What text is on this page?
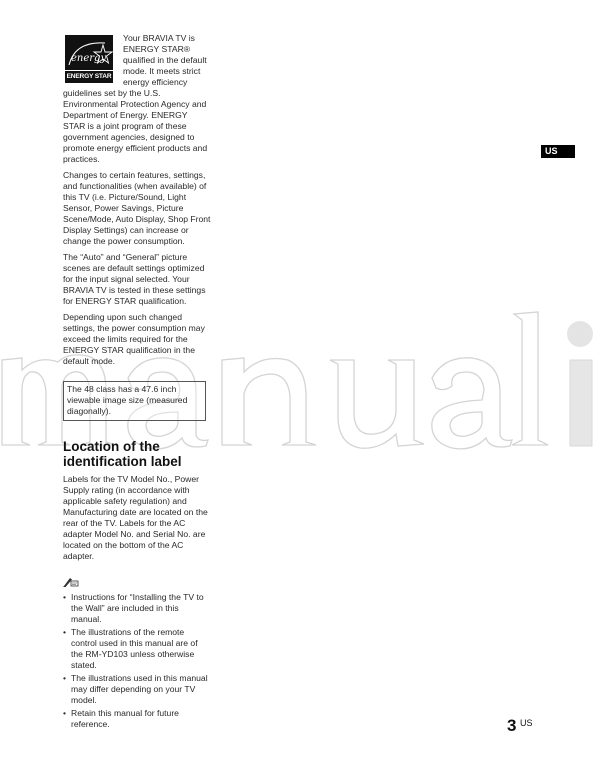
energy
ENERGY STAR

Your BRAVIA TV is ENERGY STAR® qualified in the default mode. It meets strict energy efficiency guidelines set by the U.S. Environmental Protection Agency and Department of Energy. ENERGY STAR is a joint program of these government agencies, designed to promote energy efficient products and practices.

Changes to certain features, settings, and functionalities (when available) of this TV (i.e. Picture/Sound, Light Sensor, Power Savings, Picture Scene/Mode, Auto Display, Shop Front Display Settings) can increase or change the power consumption.

The “Auto” and “General” picture scenes are default settings optimized for the input signal selected. Your BRAVIA TV is tested in these settings for ENERGY STAR qualification.

Depending upon such changed settings, the power consumption may exceed the limits required for the ENERGY STAR qualification in the default mode.

The 48 class has a 47.6 inch viewable image size (measured diagonally).
Location of the identification label

Labels for the TV Model No., Power Supply rating (in accordance with applicable safety regulation) and Manufacturing date are located on the rear of the TV. Labels for the AC adapter Model No. and Serial No. are located on the bottom of the AC adapter.

• Instructions for “Installing the TV to the Wall” are included in this manual.
• The illustrations of the remote control used in this manual are of the RM-YD103 unless otherwise stated.
• The illustrations used in this manual may differ depending on your TV model.
• Retain this manual for future reference.
US
3 US
